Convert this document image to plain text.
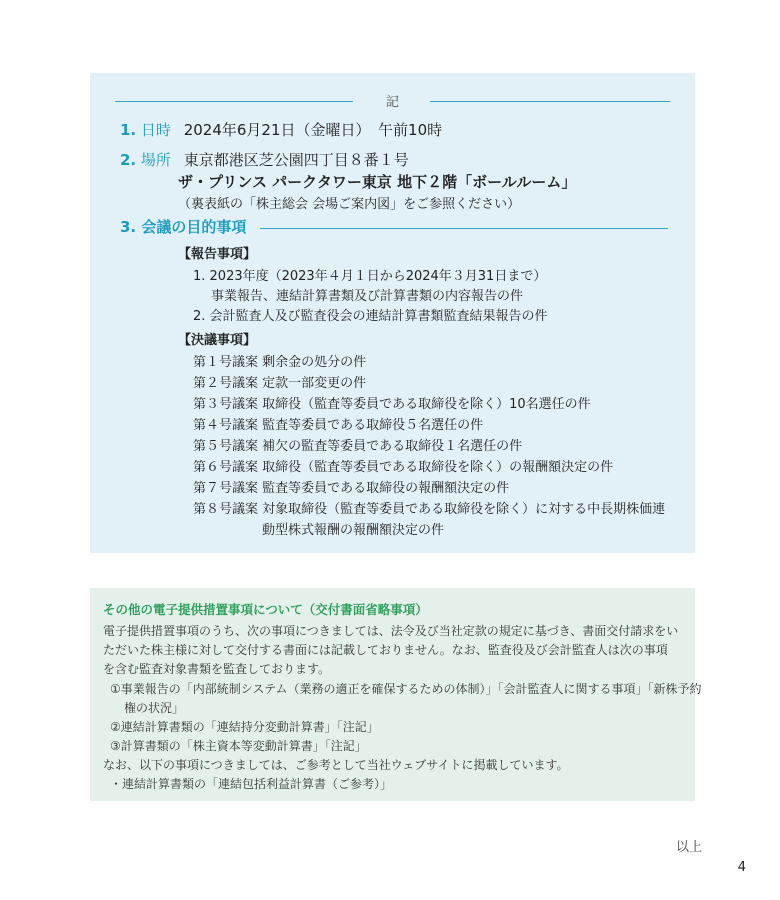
記
1. 日時 2024年6月21日（金曜日）　午前10時
2. 場所 東京都港区芝公園四丁目８番１号
ザ・プリンス パークタワー東京 地下２階「ボールルーム」
（裏表紙の「株主総会 会場ご案内図」をご参照ください）
3. 会議の目的事項
【報告事項】
1. 2023年度（2023年４月１日から2024年３月31日まで）
事業報告、連結計算書類及び計算書類の内容報告の件
2. 会計監査人及び監査役会の連結計算書類監査結果報告の件
【決議事項】
第１号議案 剰余金の処分の件
第２号議案 定款一部変更の件
第３号議案 取締役（監査等委員である取締役を除く）10名選任の件
第４号議案 監査等委員である取締役５名選任の件
第５号議案 補欠の監査等委員である取締役１名選任の件
第６号議案 取締役（監査等委員である取締役を除く）の報酬額決定の件
第７号議案 監査等委員である取締役の報酬額決定の件
第８号議案 対象取締役（監査等委員である取締役を除く）に対する中長期株価連
動型株式報酬の報酬額決定の件
その他の電子提供措置事項について（交付書面省略事項）
電子提供措置事項のうち、次の事項につきましては、法令及び当社定款の規定に基づき、書面交付請求をい
ただいた株主様に対して交付する書面には記載しておりません。なお、監査役及び会計監査人は次の事項
を含む監査対象書類を監査しております。
①事業報告の「内部統制システム（業務の適正を確保するための体制）」「会計監査人に関する事項」「新株予約
権の状況」
②連結計算書類の「連結持分変動計算書」「注記」
③計算書類の「株主資本等変動計算書」「注記」
なお、以下の事項につきましては、ご参考として当社ウェブサイトに掲載しています。
・連結計算書類の「連結包括利益計算書（ご参考）」
以上
4
